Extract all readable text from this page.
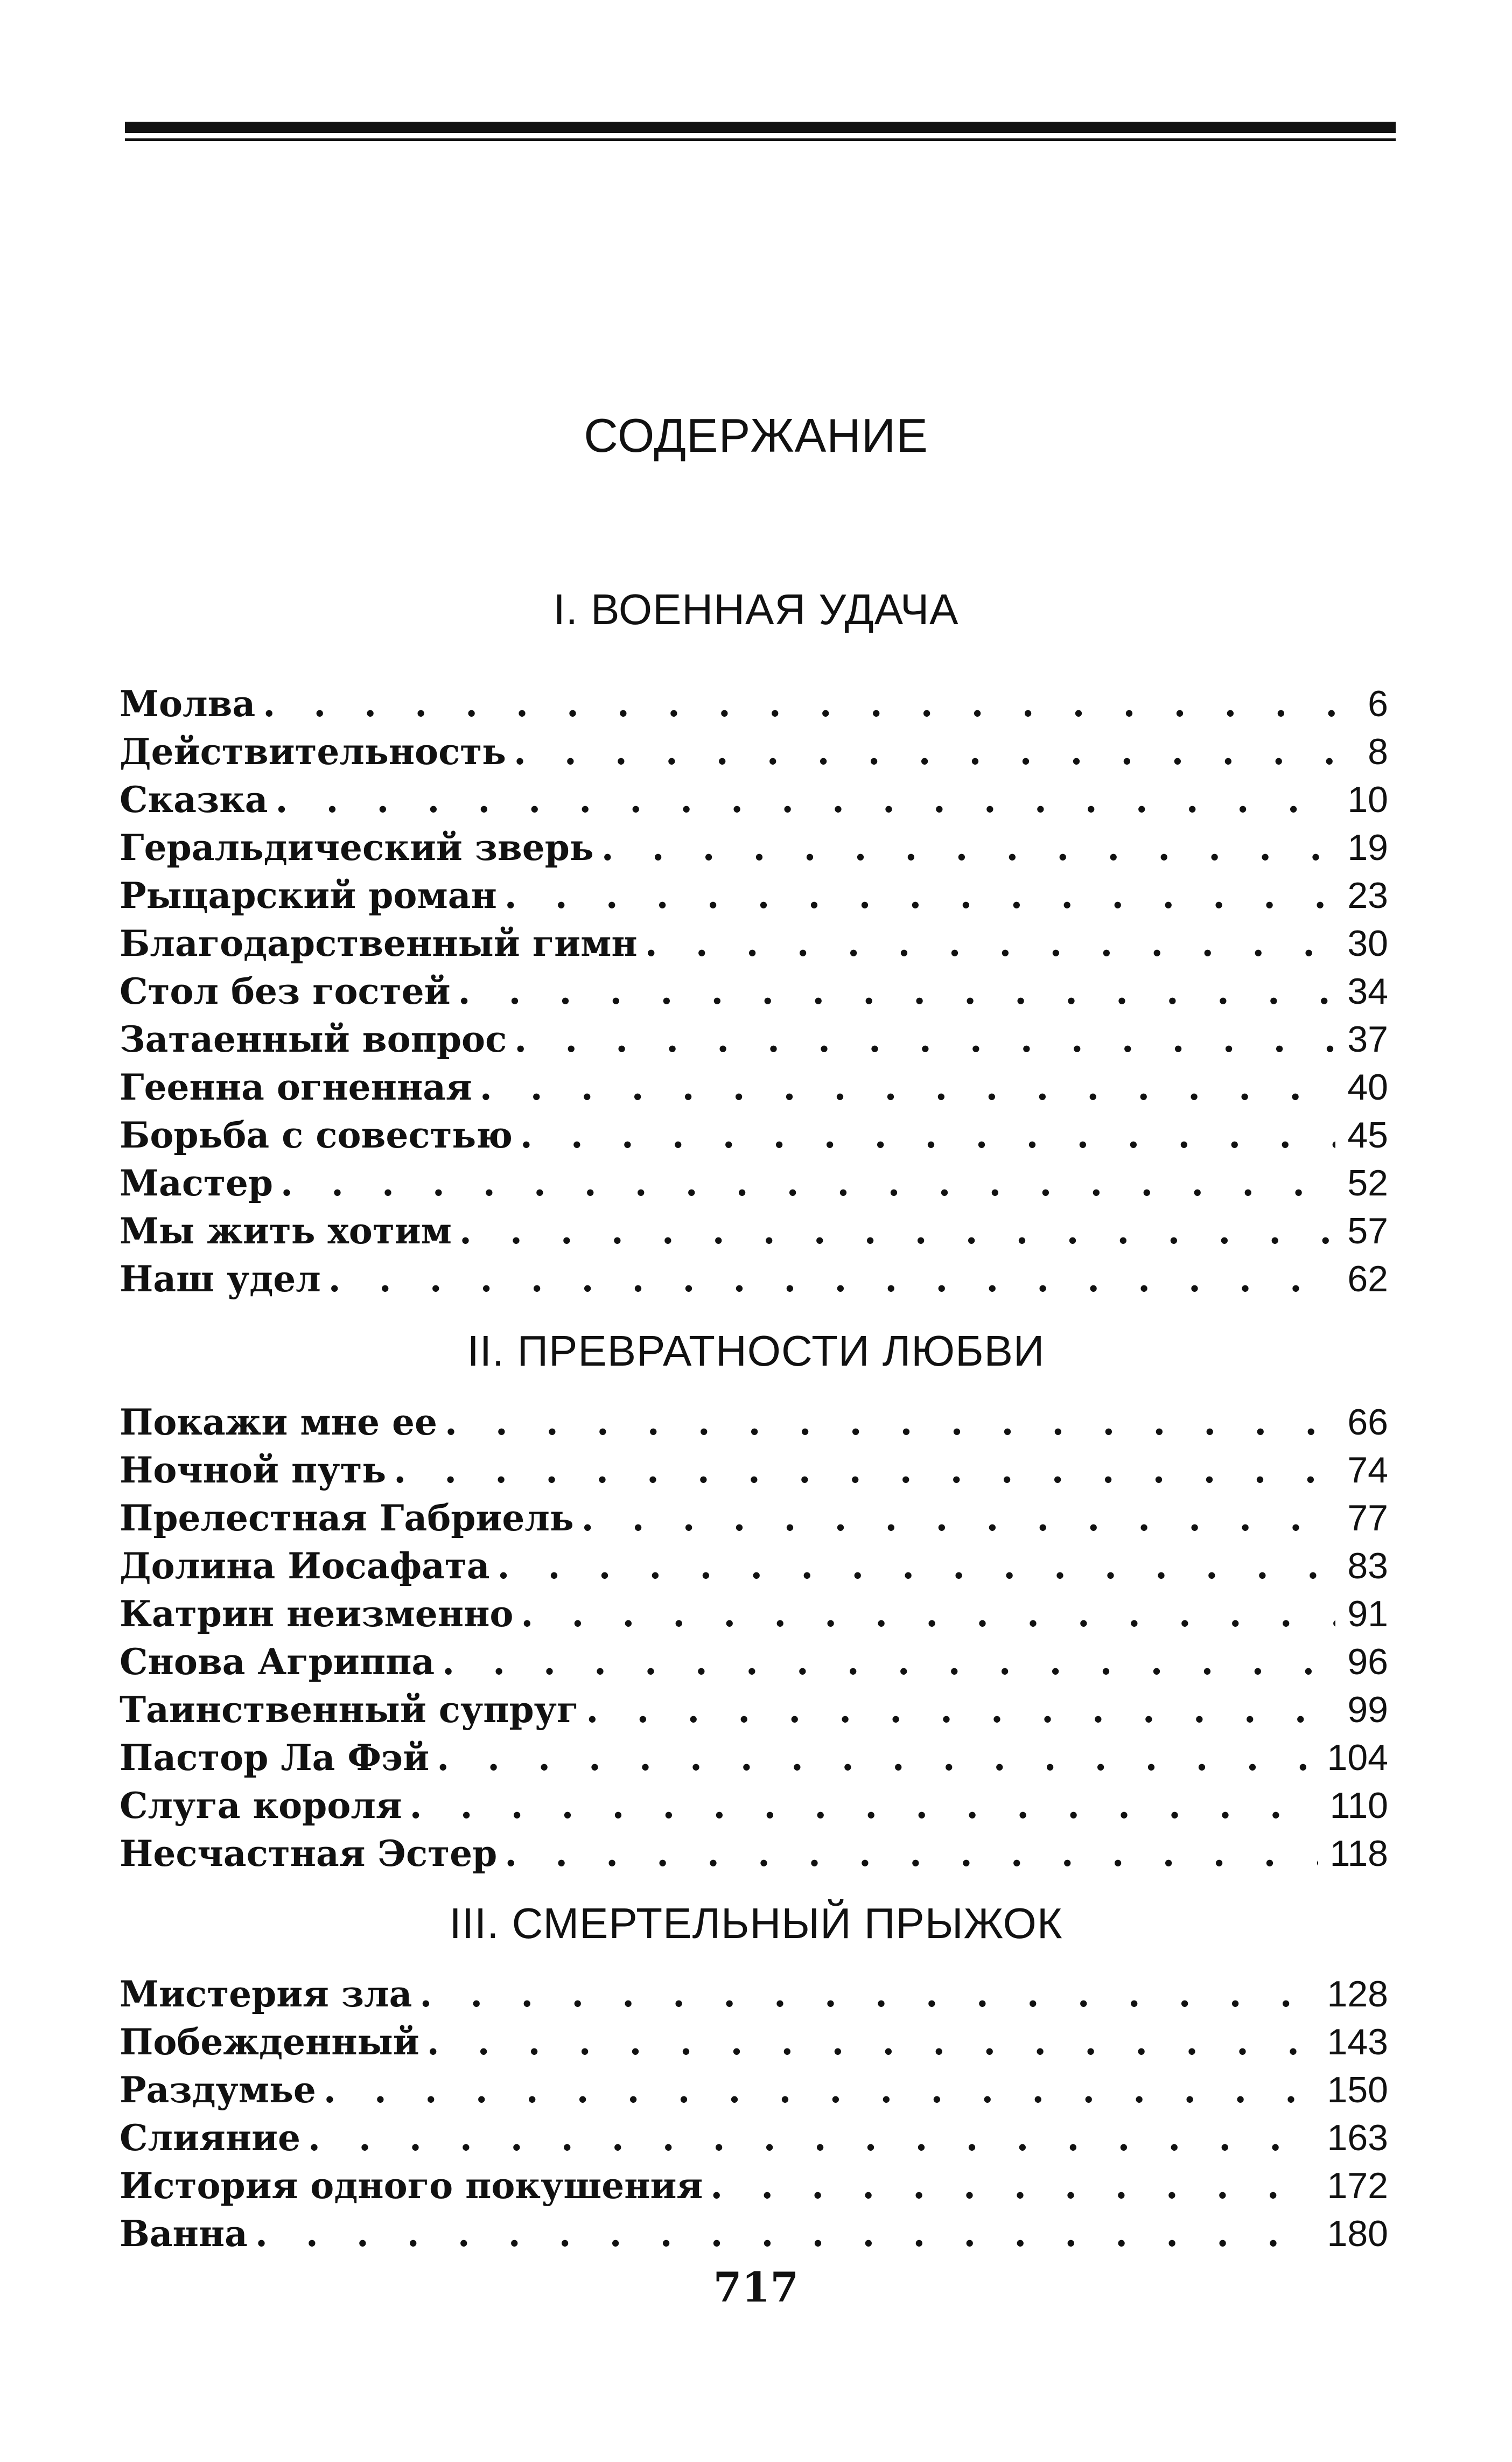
СОДЕРЖАНИЕ
I. ВОЕННАЯ УДАЧА
Молва . . .	6
Действительность . . .	8
Сказка . . .	10
Геральдический зверь . . .	19
Рыцарский роман . . .	23
Благодарственный гимн . . .	30
Стол без гостей . . .	34
Затаенный вопрос . . .	37
Геенна огненная . . .	40
Борьба с совестью . . .	45
Мастер . . .	52
Мы жить хотим . . .	57
Наш удел . . .	62
II. ПРЕВРАТНОСТИ ЛЮБВИ
Покажи мне ее . . .	66
Ночной путь . . .	74
Прелестная Габриель . . .	77
Долина Иосафата . . .	83
Катрин неизменно . . .	91
Снова Агриппа . . .	96
Таинственный супруг . . .	99
Пастор Ла Фэй . . .	104
Слуга короля . . .	110
Несчастная Эстер . . .	118
III. СМЕРТЕЛЬНЫЙ ПРЫЖОК
Мистерия зла . . .	128
Побежденный . . .	143
Раздумье . . .	150
Слияние . . .	163
История одного покушения . . .	172
Ванна . . .	180
717
